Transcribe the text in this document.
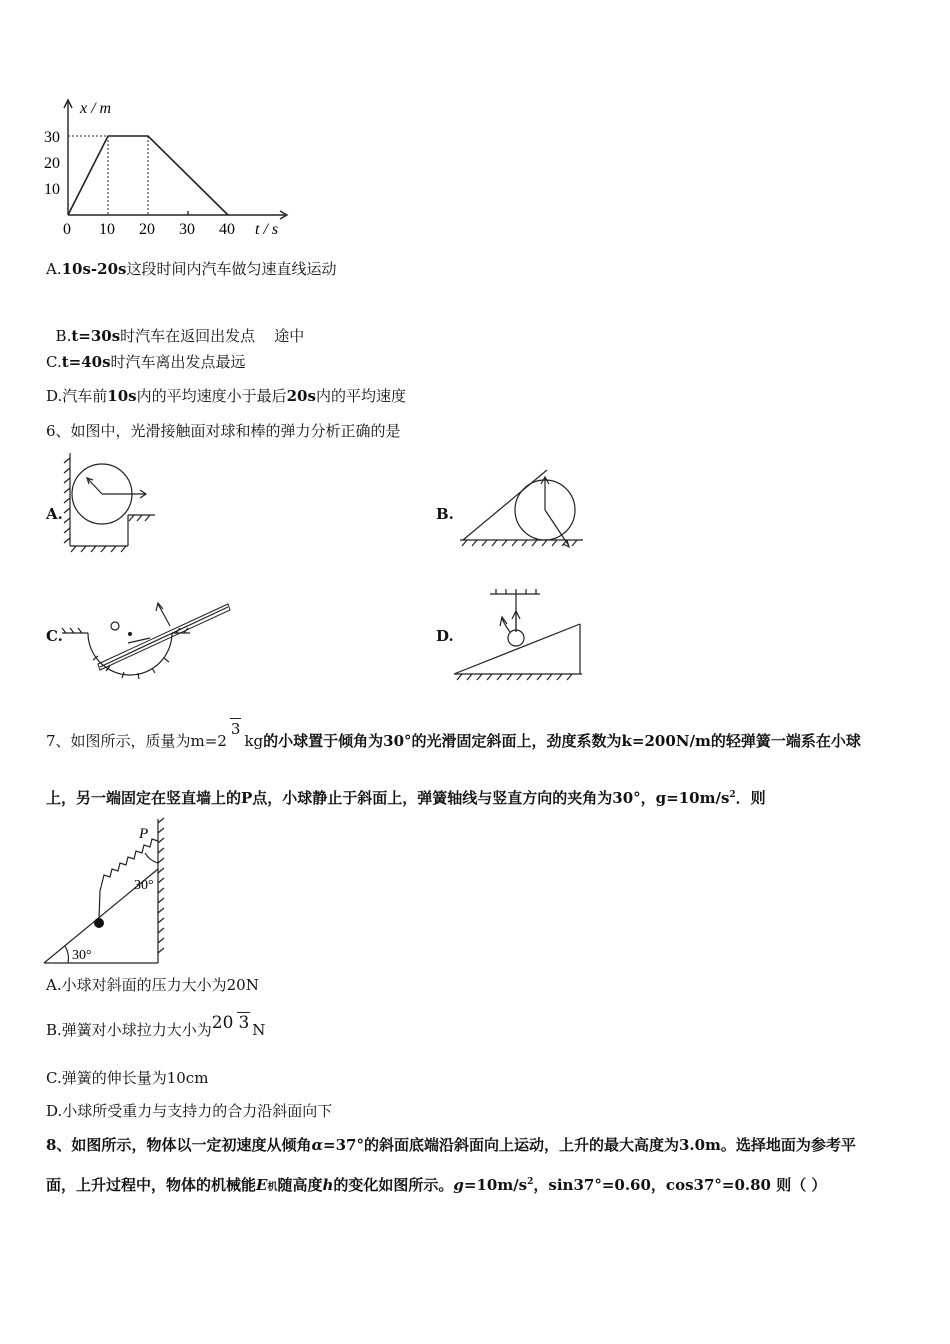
x / m
30
20
10
0 10 20 30 40 t / s
A.10s-20s这段时间内汽车做匀速直线运动

B.t=30s时汽车在返回出发点    途中

C.t=40s时汽车离出发点最远
D.汽车前10s内的平均速度小于最后20s内的平均速度
6、如图中，光滑接触面对球和棒的弹力分析正确的是
A.	B.
C.	D.
7、如图所示，质量为m=23kg的小球置于倾角为30°的光滑固定斜面上，劲度系数为k=200N/m的轻弹簧一端系在小球
上，另一端固定在竖直墙上的P点，小球静止于斜面上，弹簧轴线与竖直方向的夹角为30°，$g=10m/s^2$．则
P
30°
30°
A.小球对斜面的压力大小为20N
B.弹簧对小球拉力大小为20 3 N
C.弹簧的伸长量为10cm
D.小球所受重力与支持力的合力沿斜面向下
8、如图所示，物体以一定初速度从倾角α=37°的斜面底端沿斜面向上运动，上升的最大高度为3.0m。选择地面为参考平
面，上升过程中，物体的机械能E机随高度h的变化如图所示。$g=10m/s^2$，sin37°=0.60，cos37°=0.80 则（ ）
